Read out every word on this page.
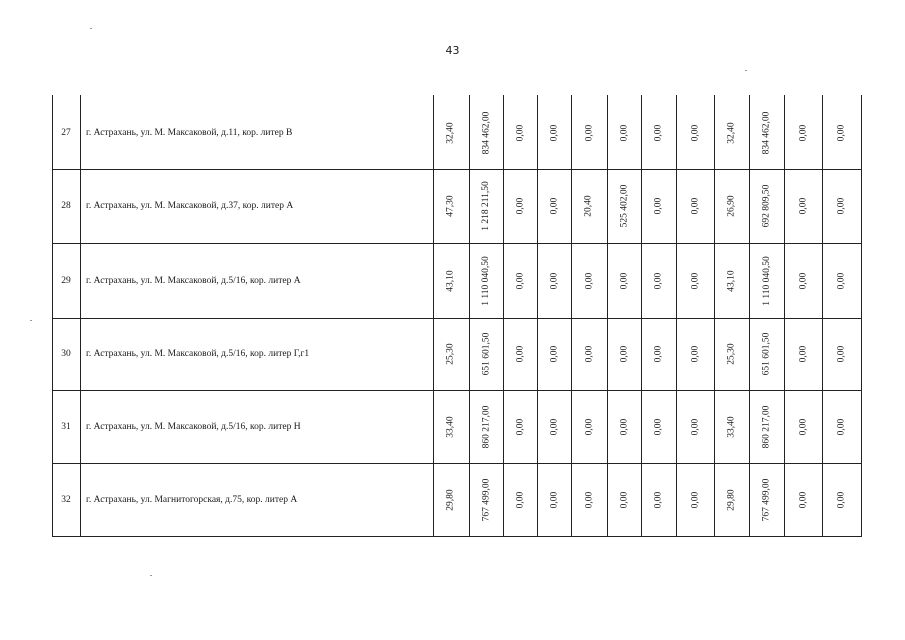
43
27	г. Астрахань, ул. М. Максаковой, д.11, кор. литер В	32,40	834 462,00	0,00	0,00	0,00	0,00	0,00	0,00	32,40	834 462,00	0,00	0,00
28	г. Астрахань, ул. М. Максаковой, д.37, кор. литер А	47,30	1 218 211,50	0,00	0,00	20,40	525 402,00	0,00	0,00	26,90	692 809,50	0,00	0,00
29	г. Астрахань, ул. М. Максаковой, д.5/16, кор. литер А	43,10	1 110 040,50	0,00	0,00	0,00	0,00	0,00	0,00	43,10	1 110 040,50	0,00	0,00
30	г. Астрахань, ул. М. Максаковой, д.5/16, кор. литер Г,г1	25,30	651 601,50	0,00	0,00	0,00	0,00	0,00	0,00	25,30	651 601,50	0,00	0,00
31	г. Астрахань, ул. М. Максаковой, д.5/16, кор. литер Н	33,40	860 217,00	0,00	0,00	0,00	0,00	0,00	0,00	33,40	860 217,00	0,00	0,00
32	г. Астрахань, ул. Магнитогорская, д.75, кор. литер А	29,80	767 499,00	0,00	0,00	0,00	0,00	0,00	0,00	29,80	767 499,00	0,00	0,00
